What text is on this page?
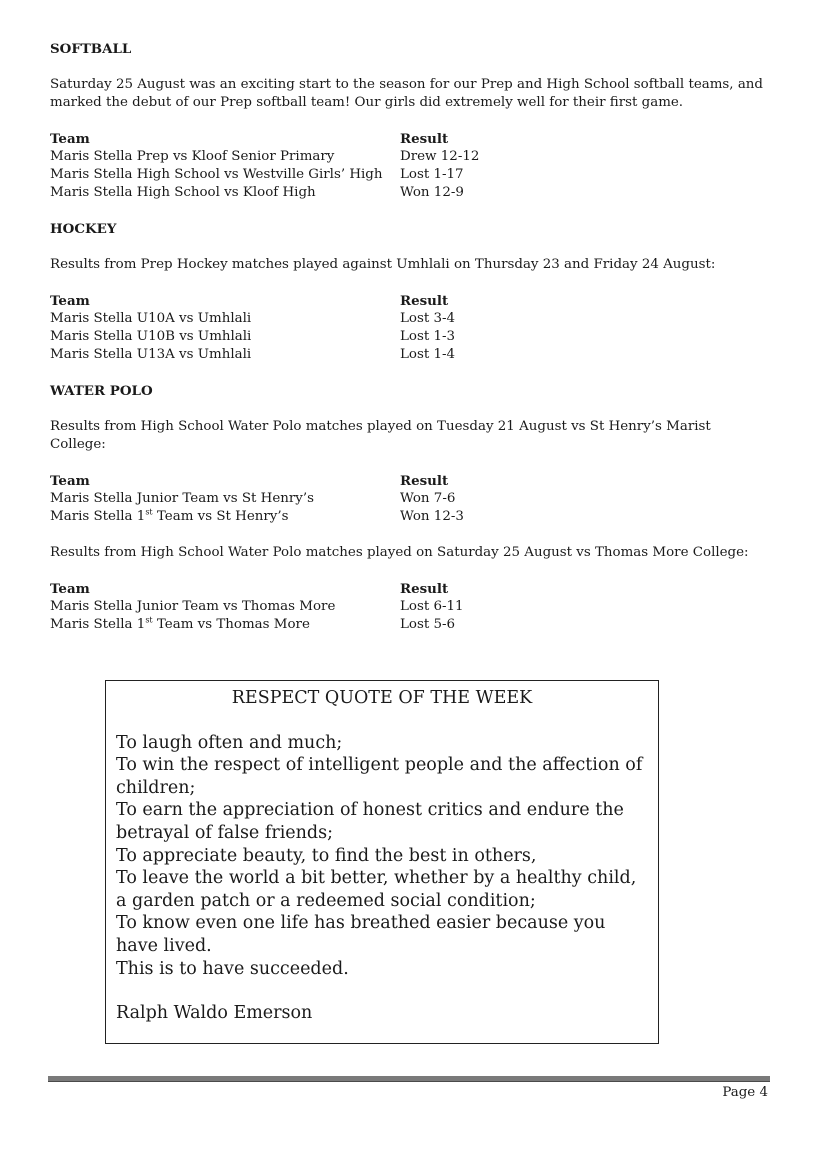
SOFTBALL
Saturday 25 August was an exciting start to the season for our Prep and High School softball teams, and marked the debut of our Prep softball team! Our girls did extremely well for their first game.
Team	Result
Maris Stella Prep vs Kloof Senior Primary	Drew 12-12
Maris Stella High School vs Westville Girls’ High	Lost 1-17
Maris Stella High School vs Kloof High	Won 12-9
HOCKEY
Results from Prep Hockey matches played against Umhlali on Thursday 23 and Friday 24 August:
Team	Result
Maris Stella U10A vs Umhlali	Lost 3-4
Maris Stella U10B vs Umhlali	Lost 1-3
Maris Stella U13A vs Umhlali	Lost 1-4
WATER POLO
Results from High School Water Polo matches played on Tuesday 21 August vs St Henry’s Marist College:
Team	Result
Maris Stella Junior Team vs St Henry’s	Won 7-6
Maris Stella 1st Team vs St Henry’s	Won 12-3
Results from High School Water Polo matches played on Saturday 25 August vs Thomas More College:
Team	Result
Maris Stella Junior Team vs Thomas More	Lost 6-11
Maris Stella 1st Team vs Thomas More	Lost 5-6
RESPECT QUOTE OF THE WEEK

To laugh often and much;

To win the respect of intelligent people and the affection of children;

To earn the appreciation of honest critics and endure the betrayal of false friends;

To appreciate beauty, to find the best in others,

To leave the world a bit better, whether by a healthy child, a garden patch or a redeemed social condition;

To know even one life has breathed easier because you have lived.

This is to have succeeded.

Ralph Waldo Emerson

Page 4
